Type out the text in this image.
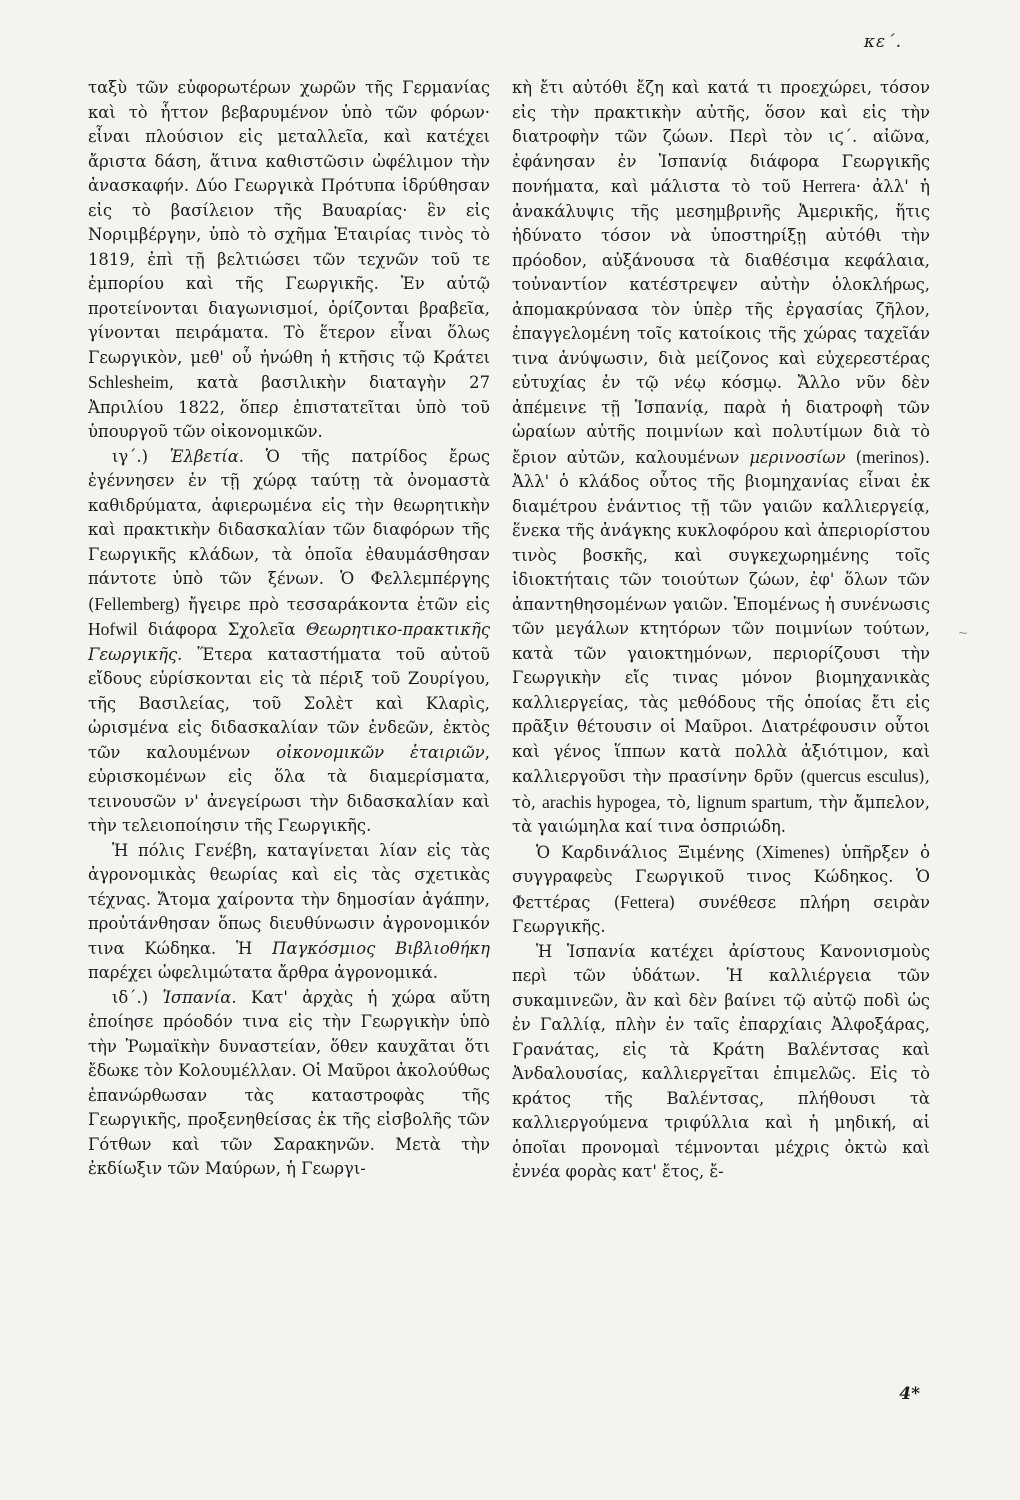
κε΄.

ταξὺ τῶν εὐφορωτέρων χωρῶν τῆς Γερμανίας καὶ τὸ ἧττον βεβαρυμένον ὑπὸ τῶν φόρων· εἶναι πλούσιον εἰς μεταλλεῖα, καὶ κατέχει ἄριστα δάση, ἅτινα καθιστῶσιν ὠφέλιμον τὴν ἀνασκαφήν. Δύο Γεωργικὰ Πρότυπα ἱδρύθησαν εἰς τὸ βασίλειον τῆς Βαυαρίας· ἓν εἰς Νοριμβέργην, ὑπὸ τὸ σχῆμα Ἑταιρίας τινὸς τὸ 1819, ἐπὶ τῇ βελτιώσει τῶν τεχνῶν τοῦ τε ἐμπορίου καὶ τῆς Γεωργικῆς. Ἐν αὐτῷ προτείνονται διαγωνισμοί, ὁρίζονται βραβεῖα, γίνονται πειράματα. Τὸ ἕτερον εἶναι ὅλως Γεωργικὸν, μεθ' οὗ ἠνώθη ἡ κτῆσις τῷ Κράτει Schlesheim, κατὰ βασιλικὴν διαταγὴν 27 Ἀπριλίου 1822, ὅπερ ἐπιστατεῖται ὑπὸ τοῦ ὑπουργοῦ τῶν οἰκονομικῶν.

ιγ΄.) Ἑλβετία. Ὁ τῆς πατρίδος ἔρως ἐγέννησεν ἐν τῇ χώρᾳ ταύτῃ τὰ ὀνομαστὰ καθιδρύματα, ἀφιερωμένα εἰς τὴν θεωρητικὴν καὶ πρακτικὴν διδασκαλίαν τῶν διαφόρων τῆς Γεωργικῆς κλάδων, τὰ ὁποῖα ἐθαυμάσθησαν πάντοτε ὑπὸ τῶν ξένων. Ὁ Φελλεμπέργης (Fellemberg) ἤγειρε πρὸ τεσσαράκοντα ἐτῶν εἰς Hofwil διάφορα Σχολεῖα Θεωρητικο-πρακτικῆς Γεωργικῆς. Ἕτερα καταστήματα τοῦ αὐτοῦ εἴδους εὑρίσκονται εἰς τὰ πέριξ τοῦ Ζουρίγου, τῆς Βασιλείας, τοῦ Σολὲτ καὶ Κλαρὶς, ὡρισμένα εἰς διδασκαλίαν τῶν ἐνδεῶν, ἐκτὸς τῶν καλουμένων οἰκονομικῶν ἑταιριῶν, εὑρισκομένων εἰς ὅλα τὰ διαμερίσματα, τεινουσῶν ν' ἀνεγείρωσι τὴν διδασκαλίαν καὶ τὴν τελειοποίησιν τῆς Γεωργικῆς.

Ἡ πόλις Γενέβη, καταγίνεται λίαν εἰς τὰς ἀγρονομικὰς θεωρίας καὶ εἰς τὰς σχετικὰς τέχνας. Ἄτομα χαίροντα τὴν δημοσίαν ἀγάπην, προὐτάνθησαν ὅπως διευθύνωσιν ἀγρονομικόν τινα Κώδηκα. Ἡ Παγκόσμιος Βιβλιοθήκη παρέχει ὠφελιμώτατα ἄρθρα ἀγρονομικά.

ιδ΄.) Ἱσπανία. Κατ' ἀρχὰς ἡ χώρα αὕτη ἐποίησε πρόοδόν τινα εἰς τὴν Γεωργικὴν ὑπὸ τὴν Ῥωμαϊκὴν δυναστείαν, ὅθεν καυχᾶται ὅτι ἔδωκε τὸν Κολουμέλλαν. Οἱ Μαῦροι ἀκολούθως ἐπανώρθωσαν τὰς καταστροφὰς τῆς Γεωργικῆς, προξενηθείσας ἐκ τῆς εἰσβολῆς τῶν Γότθων καὶ τῶν Σαρακηνῶν. Μετὰ τὴν ἐκδίωξιν τῶν Μαύρων, ἡ Γεωργι-

κὴ ἔτι αὐτόθι ἔζη καὶ κατά τι προεχώρει, τόσον εἰς τὴν πρακτικὴν αὐτῆς, ὅσον καὶ εἰς τὴν διατροφὴν τῶν ζώων. Περὶ τὸν ιϛ΄. αἰῶνα, ἐφάνησαν ἐν Ἱσπανίᾳ διάφορα Γεωργικῆς πονήματα, καὶ μάλιστα τὸ τοῦ Herrera· ἀλλ' ἡ ἀνακάλυψις τῆς μεσημβρινῆς Ἀμερικῆς, ἥτις ἠδύνατο τόσον νὰ ὑποστηρίξῃ αὐτόθι τὴν πρόοδον, αὐξάνουσα τὰ διαθέσιμα κεφάλαια, τοὐναντίον κατέστρεψεν αὐτὴν ὁλοκλήρως, ἀπομακρύνασα τὸν ὑπὲρ τῆς ἐργασίας ζῆλον, ἐπαγγελομένη τοῖς κατοίκοις τῆς χώρας ταχεῖάν τινα ἀνύψωσιν, διὰ μείζονος καὶ εὐχερεστέρας εὐτυχίας ἐν τῷ νέῳ κόσμῳ. Ἄλλο νῦν δὲν ἀπέμεινε τῇ Ἱσπανίᾳ, παρὰ ἡ διατροφὴ τῶν ὡραίων αὐτῆς ποιμνίων καὶ πολυτίμων διὰ τὸ ἔριον αὐτῶν, καλουμένων μερινοσίων (merinos). Ἀλλ' ὁ κλάδος οὗτος τῆς βιομηχανίας εἶναι ἐκ διαμέτρου ἐνάντιος τῇ τῶν γαιῶν καλλιεργείᾳ, ἕνεκα τῆς ἀνάγκης κυκλοφόρου καὶ ἀπεριορίστου τινὸς βοσκῆς, καὶ συγκεχωρημένης τοῖς ἰδιοκτήταις τῶν τοιούτων ζώων, ἐφ' ὅλων τῶν ἀπαντηθησομένων γαιῶν. Ἑπομένως ἡ συνένωσις τῶν μεγάλων κτητόρων τῶν ποιμνίων τούτων, κατὰ τῶν γαιοκτημόνων, περιορίζουσι τὴν Γεωργικὴν εἴς τινας μόνον βιομηχανικὰς καλλιεργείας, τὰς μεθόδους τῆς ὁποίας ἔτι εἰς πρᾶξιν θέτουσιν οἱ Μαῦροι. Διατρέφουσιν οὗτοι καὶ γένος ἵππων κατὰ πολλὰ ἀξιότιμον, καὶ καλλιεργοῦσι τὴν πρασίνην δρῦν (quercus esculus), τὸ, arachis hypogea, τὸ, lignum spartum, τὴν ἄμπελον, τὰ γαιώμηλα καί τινα ὀσπριώδη.

Ὁ Καρδινάλιος Ξιμένης (Ximenes) ὑπῆρξεν ὁ συγγραφεὺς Γεωργικοῦ τινος Κώδηκος. Ὁ Φεττέρας (Fettera) συνέθεσε πλήρη σειρὰν Γεωργικῆς.

Ἡ Ἱσπανία κατέχει ἀρίστους Κανονισμοὺς περὶ τῶν ὑδάτων. Ἡ καλλιέργεια τῶν συκαμινεῶν, ἂν καὶ δὲν βαίνει τῷ αὐτῷ ποδὶ ὡς ἐν Γαλλίᾳ, πλὴν ἐν ταῖς ἐπαρχίαις Ἀλφοξάρας, Γρανάτας, εἰς τὰ Κράτη Βαλέντσας καὶ Ἀνδαλουσίας, καλλιεργεῖται ἐπιμελῶς. Εἰς τὸ κράτος τῆς Βαλέντσας, πλήθουσι τὰ καλλιεργούμενα τριφύλλια καὶ ἡ μηδική, αἱ ὁποῖαι προνομαὶ τέμνονται μέχρις ὀκτὼ καὶ ἐννέα φορὰς κατ' ἔτος, ἔ-

~
4*
